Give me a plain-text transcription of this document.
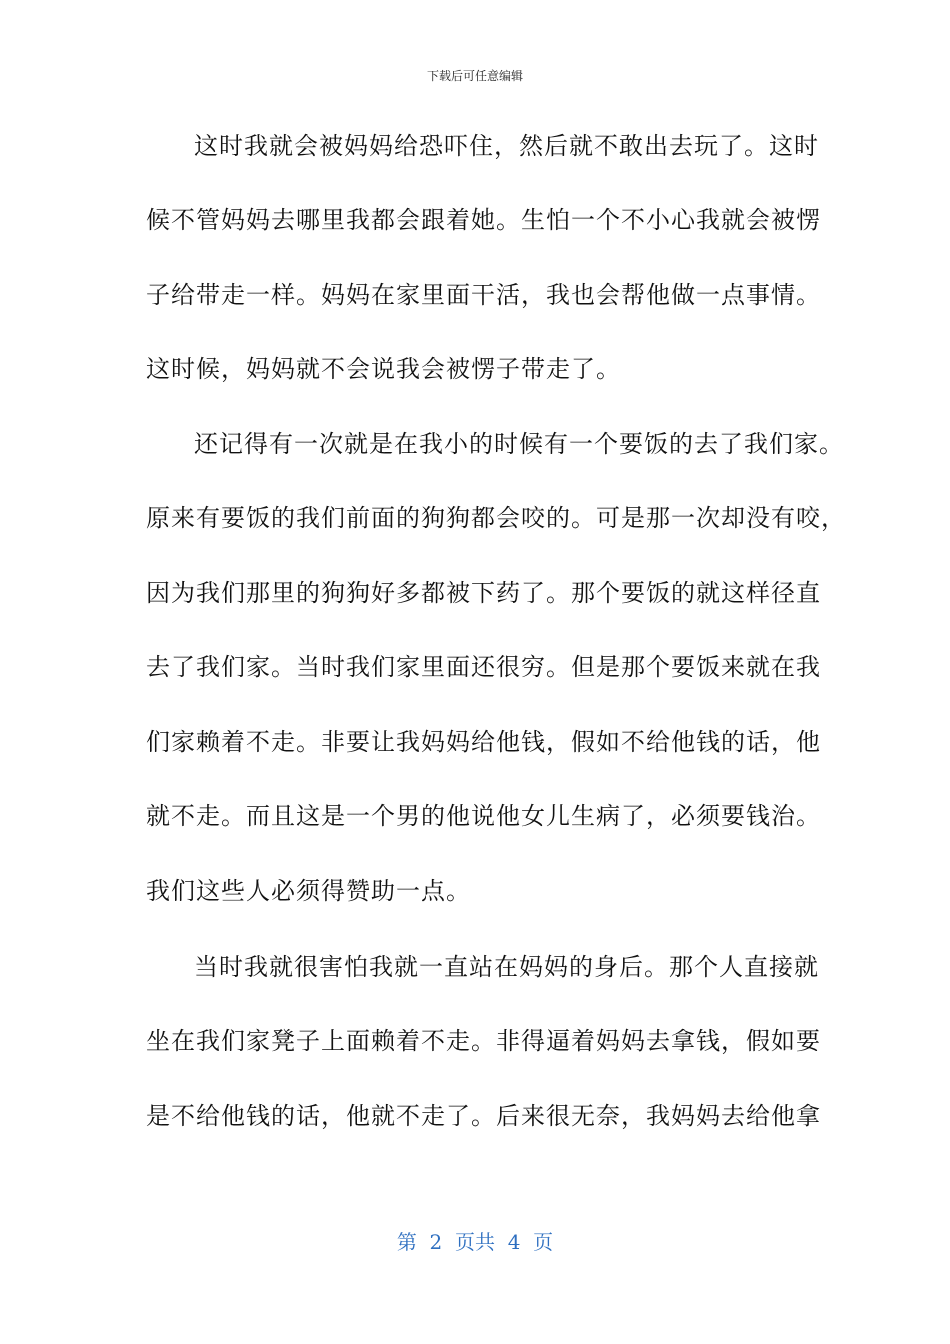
下载后可任意编辑
这时我就会被妈妈给恐吓住，然后就不敢出去玩了。这时
候不管妈妈去哪里我都会跟着她。生怕一个不小心我就会被愣
子给带走一样。妈妈在家里面干活，我也会帮他做一点事情。
这时候，妈妈就不会说我会被愣子带走了。
还记得有一次就是在我小的时候有一个要饭的去了我们家。
原来有要饭的我们前面的狗狗都会咬的。可是那一次却没有咬，
因为我们那里的狗狗好多都被下药了。那个要饭的就这样径直
去了我们家。当时我们家里面还很穷。但是那个要饭来就在我
们家赖着不走。非要让我妈妈给他钱，假如不给他钱的话，他
就不走。而且这是一个男的他说他女儿生病了，必须要钱治。
我们这些人必须得赞助一点。
当时我就很害怕我就一直站在妈妈的身后。那个人直接就
坐在我们家凳子上面赖着不走。非得逼着妈妈去拿钱，假如要
是不给他钱的话，他就不走了。后来很无奈，我妈妈去给他拿
第  2  页共  4  页
